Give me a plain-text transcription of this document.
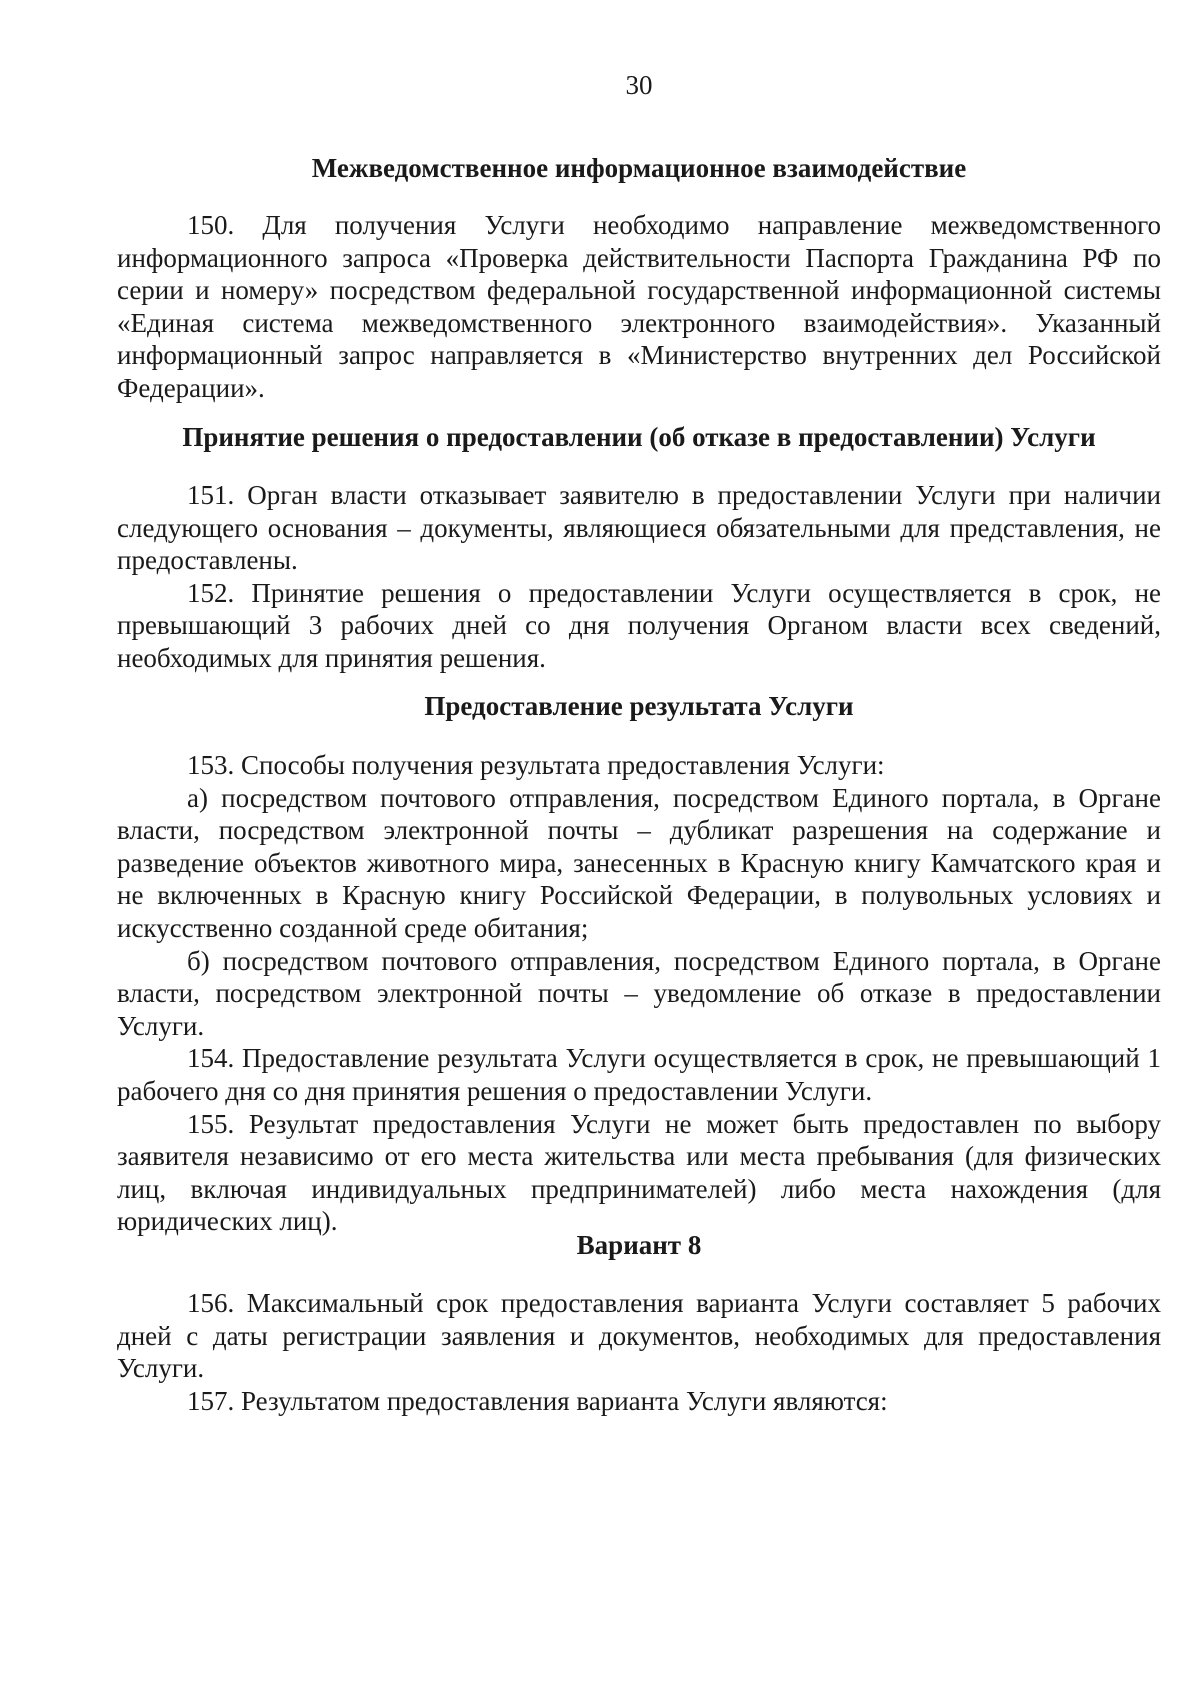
30
Межведомственное информационное взаимодействие

150. Для получения Услуги необходимо направление межведомственного информационного запроса «Проверка действительности Паспорта Гражданина РФ по серии и номеру» посредством федеральной государственной информационной системы «Единая система межведомственного электронного взаимодействия». Указанный информационный запрос направляется в «Министерство внутренних дел Российской Федерации».

Принятие решения о предоставлении (об отказе в предоставлении) Услуги

151. Орган власти отказывает заявителю в предоставлении Услуги при наличии следующего основания – документы, являющиеся обязательными для представления, не предоставлены.

152. Принятие решения о предоставлении Услуги осуществляется в срок, не превышающий 3 рабочих дней со дня получения Органом власти всех сведений, необходимых для принятия решения.

Предоставление результата Услуги

153. Способы получения результата предоставления Услуги:

а) посредством почтового отправления, посредством Единого портала, в Органе власти, посредством электронной почты – дубликат разрешения на содержание и разведение объектов животного мира, занесенных в Красную книгу Камчатского края и не включенных в Красную книгу Российской Федерации, в полувольных условиях и искусственно созданной среде обитания;

б) посредством почтового отправления, посредством Единого портала, в Органе власти, посредством электронной почты – уведомление об отказе в предоставлении Услуги.

154. Предоставление результата Услуги осуществляется в срок, не превышающий 1 рабочего дня со дня принятия решения о предоставлении Услуги.

155. Результат предоставления Услуги не может быть предоставлен по выбору заявителя независимо от его места жительства или места пребывания (для физических лиц, включая индивидуальных предпринимателей) либо места нахождения (для юридических лиц).

Вариант 8

156. Максимальный срок предоставления варианта Услуги составляет 5 рабочих дней с даты регистрации заявления и документов, необходимых для предоставления Услуги.

157. Результатом предоставления варианта Услуги являются:
